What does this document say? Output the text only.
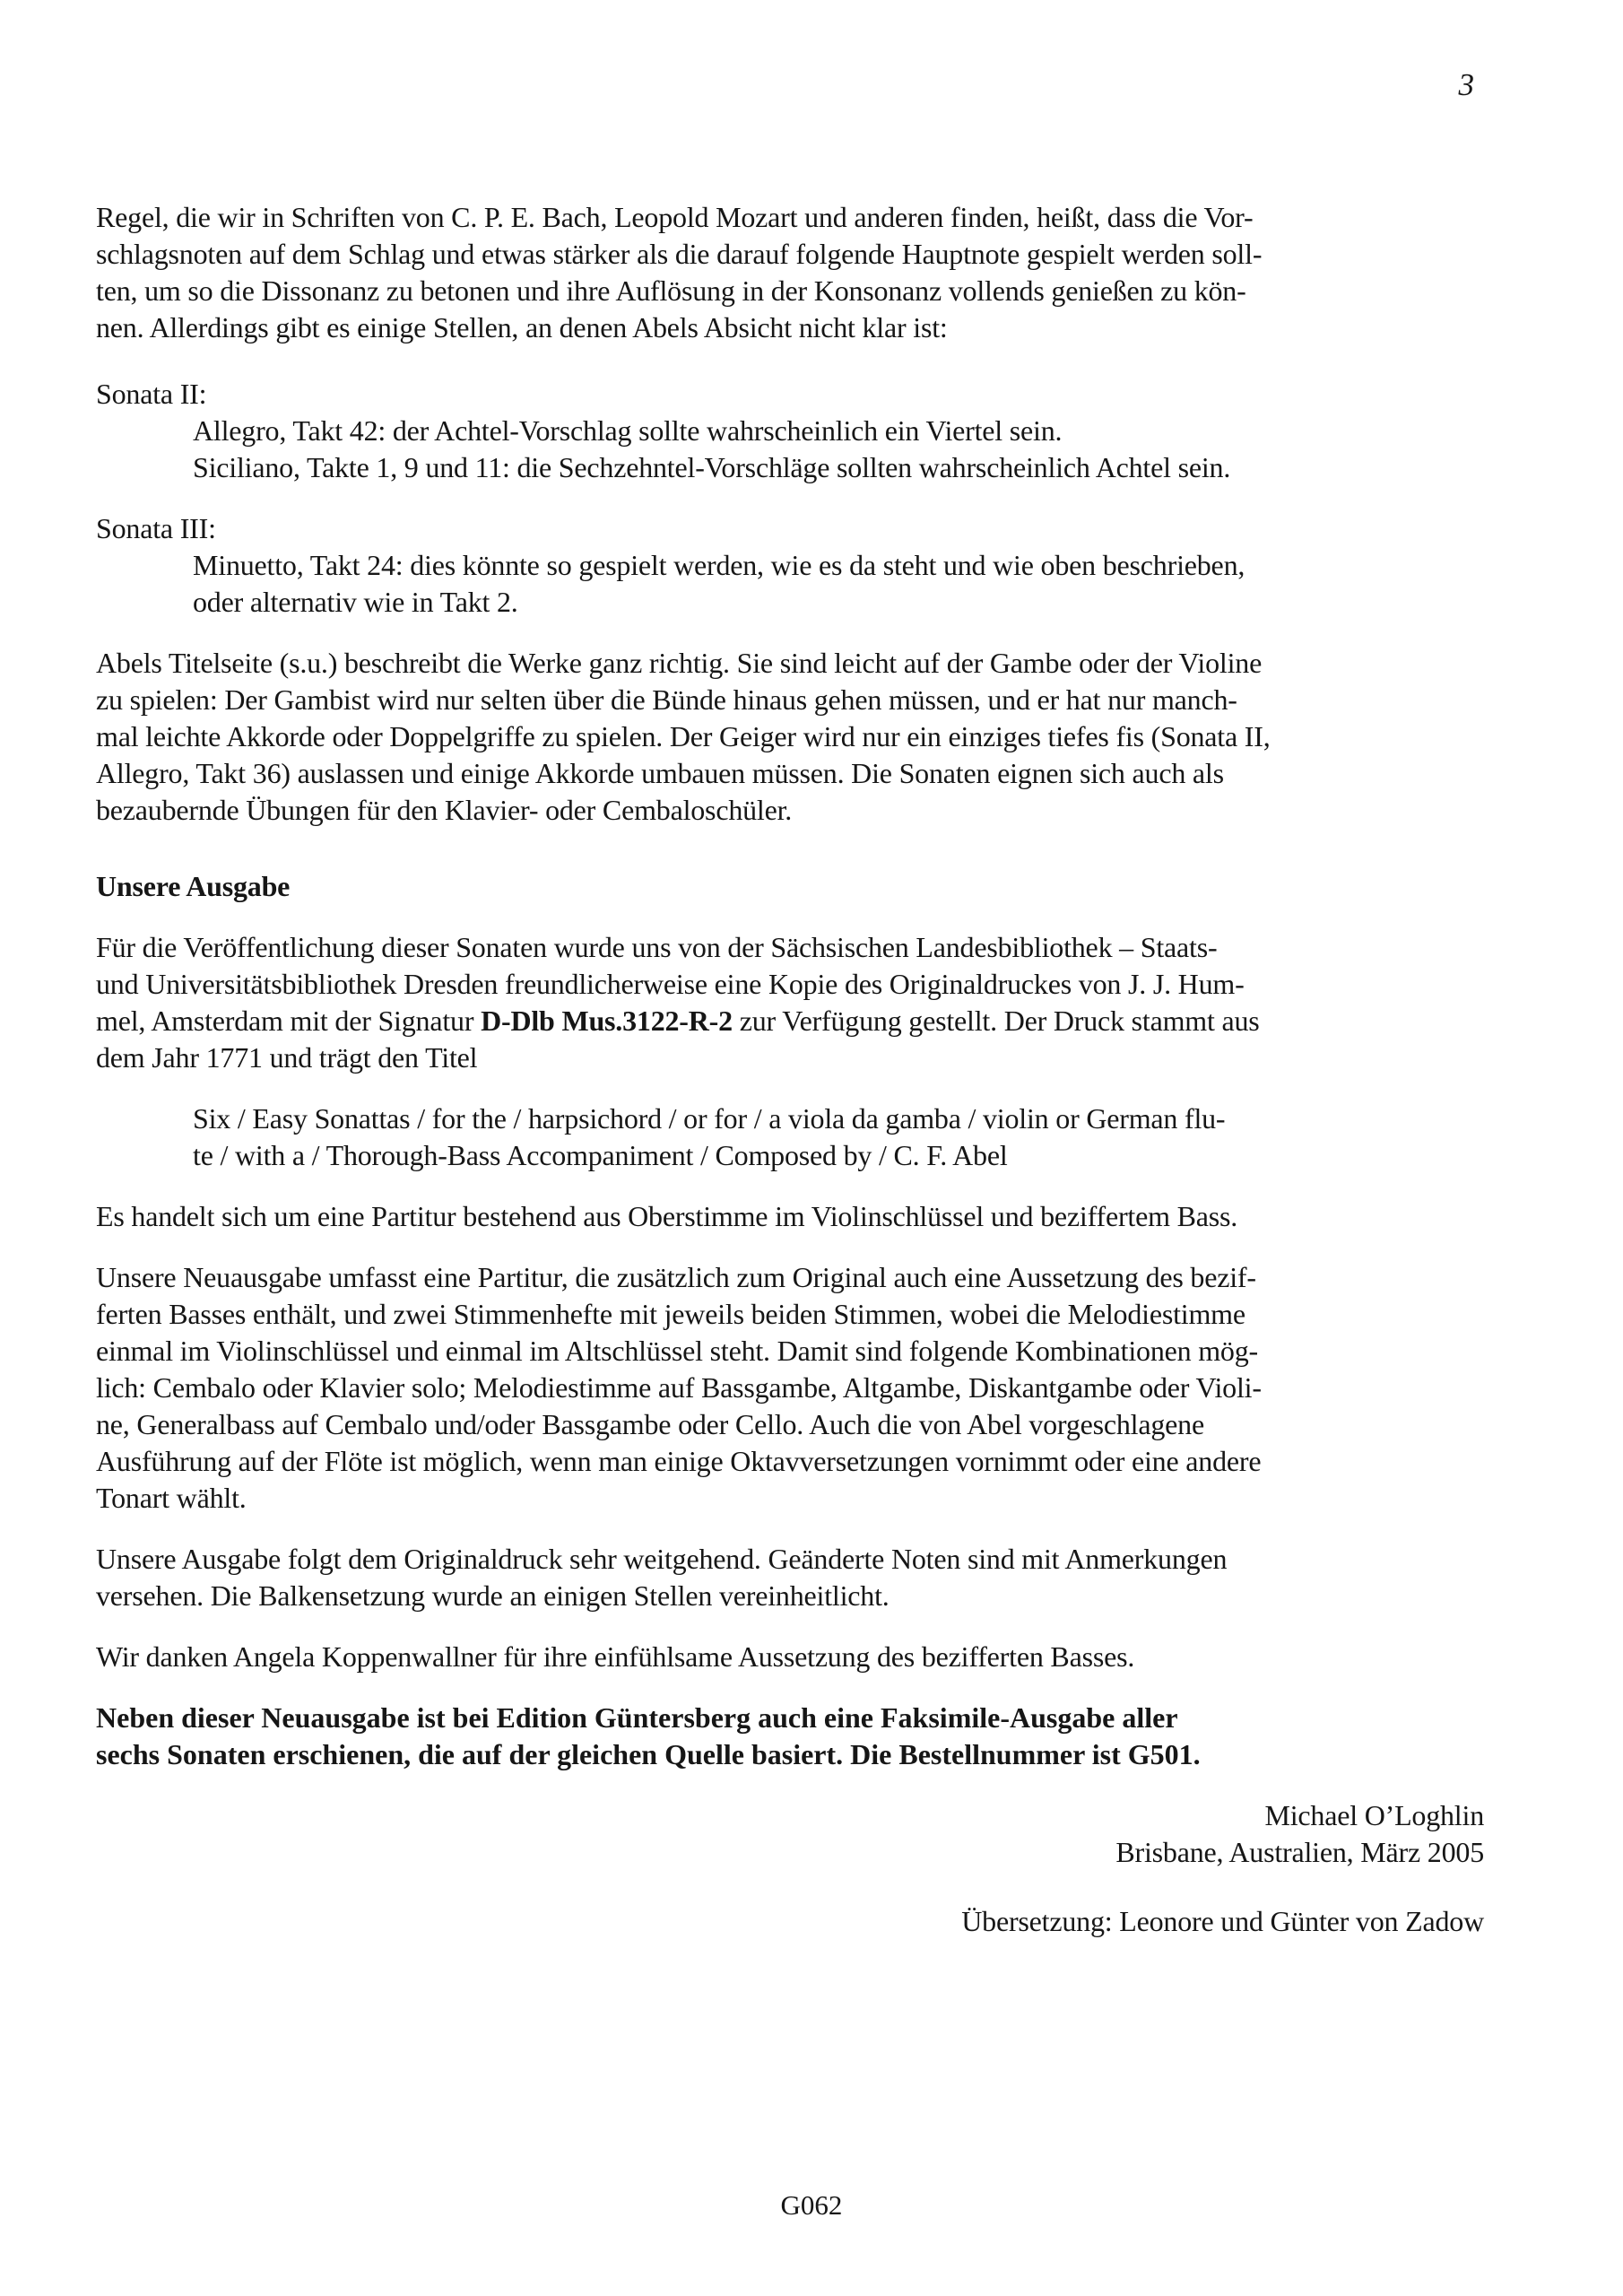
3
Regel, die wir in Schriften von C. P. E. Bach, Leopold Mozart und anderen finden, heißt, dass die Vor-
schlagsnoten auf dem Schlag und etwas stärker als die darauf folgende Hauptnote gespielt werden soll-
ten, um so die Dissonanz zu betonen und ihre Auflösung in der Konsonanz vollends genießen zu kön-
nen. Allerdings gibt es einige Stellen, an denen Abels Absicht nicht klar ist:
Sonata II:
Allegro, Takt 42: der Achtel-Vorschlag sollte wahrscheinlich ein Viertel sein.
Siciliano, Takte 1, 9 und 11: die Sechzehntel-Vorschläge sollten wahrscheinlich Achtel sein.
Sonata III:
Minuetto, Takt 24: dies könnte so gespielt werden, wie es da steht und wie oben beschrieben,
oder alternativ wie in Takt 2.
Abels Titelseite (s.u.) beschreibt die Werke ganz richtig. Sie sind leicht auf der Gambe oder der Violine
zu spielen: Der Gambist wird nur selten über die Bünde hinaus gehen müssen, und er hat nur manch-
mal leichte Akkorde oder Doppelgriffe zu spielen. Der Geiger wird nur ein einziges tiefes fis (Sonata II,
Allegro, Takt 36) auslassen und einige Akkorde umbauen müssen. Die Sonaten eignen sich auch als
bezaubernde Übungen für den Klavier- oder Cembaloschüler.
Unsere Ausgabe
Für die Veröffentlichung dieser Sonaten wurde uns von der Sächsischen Landesbibliothek – Staats-
und Universitätsbibliothek Dresden freundlicherweise eine Kopie des Originaldruckes von J. J. Hum-
mel, Amsterdam mit der Signatur D-Dlb Mus.3122-R-2 zur Verfügung gestellt. Der Druck stammt aus
dem Jahr 1771 und trägt den Titel
Six / Easy Sonattas / for the / harpsichord / or for / a viola da gamba / violin or German flu-
te / with a / Thorough-Bass Accompaniment / Composed by / C. F. Abel
Es handelt sich um eine Partitur bestehend aus Oberstimme im Violinschlüssel und beziffertem Bass.
Unsere Neuausgabe umfasst eine Partitur, die zusätzlich zum Original auch eine Aussetzung des bezif-
ferten Basses enthält, und zwei Stimmenhefte mit jeweils beiden Stimmen, wobei die Melodiestimme
einmal im Violinschlüssel und einmal im Altschlüssel steht. Damit sind folgende Kombinationen mög-
lich: Cembalo oder Klavier solo; Melodiestimme auf Bassgambe, Altgambe, Diskantgambe oder Violi-
ne, Generalbass auf Cembalo und/oder Bassgambe oder Cello. Auch die von Abel vorgeschlagene
Ausführung auf der Flöte ist möglich, wenn man einige Oktavversetzungen vornimmt oder eine andere
Tonart wählt.
Unsere Ausgabe folgt dem Originaldruck sehr weitgehend. Geänderte Noten sind mit Anmerkungen
versehen. Die Balkensetzung wurde an einigen Stellen vereinheitlicht.
Wir danken Angela Koppenwallner für ihre einfühlsame Aussetzung des bezifferten Basses.
Neben dieser Neuausgabe ist bei Edition Güntersberg auch eine Faksimile-Ausgabe aller
sechs Sonaten erschienen, die auf der gleichen Quelle basiert. Die Bestellnummer ist G501.
Michael O’Loghlin
Brisbane, Australien, März 2005
Übersetzung: Leonore und Günter von Zadow
G062
